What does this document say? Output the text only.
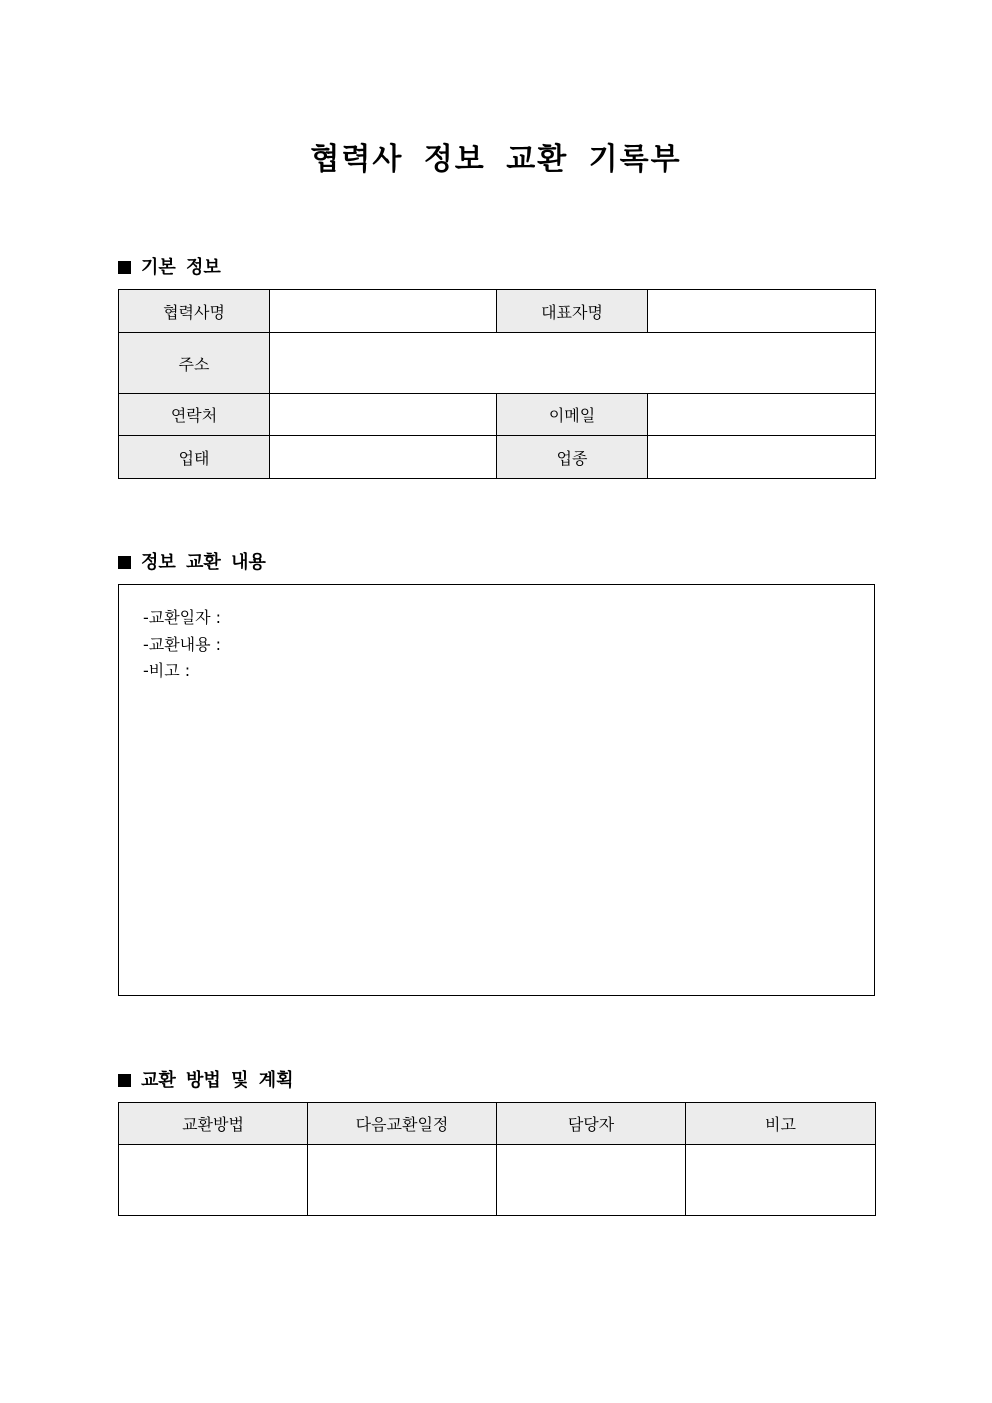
협력사 정보 교환 기록부
기본 정보
협력사명		대표자명	
주소			
연락처		이메일	
업태		업종	
정보 교환 내용
-교환일자 :
-교환내용 :
-비고 :
교환 방법 및 계획
교환방법	다음교환일정	담당자	비고
